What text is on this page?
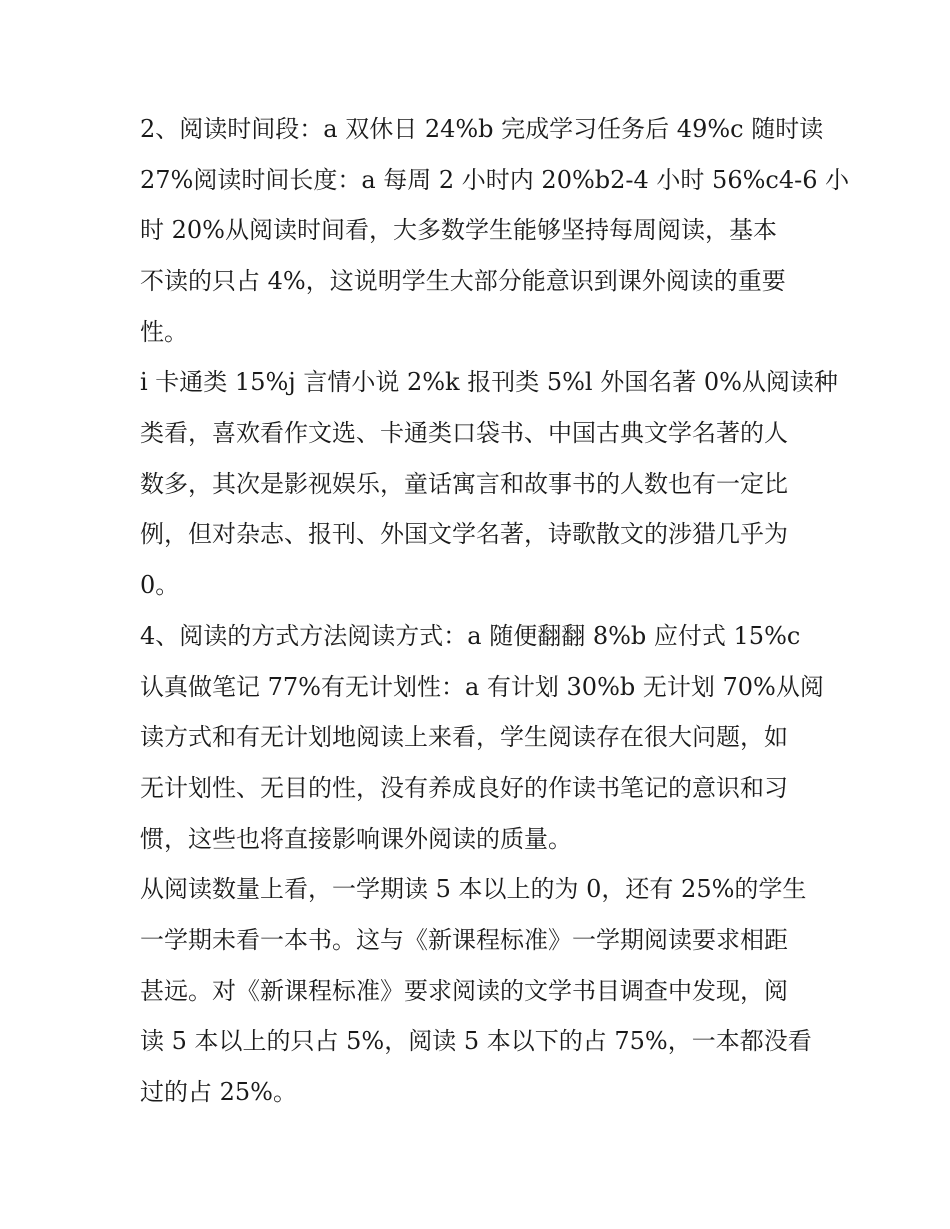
2、阅读时间段：a 双休日 24%b 完成学习任务后 49%c 随时读

27%阅读时间长度：a 每周 2 小时内 20%b2-4 小时 56%c4-6 小

时 20%从阅读时间看，大多数学生能够坚持每周阅读，基本

不读的只占 4%，这说明学生大部分能意识到课外阅读的重要

性。

i 卡通类 15%j 言情小说 2%k 报刊类 5%l 外国名著 0%从阅读种

类看，喜欢看作文选、卡通类口袋书、中国古典文学名著的人

数多，其次是影视娱乐，童话寓言和故事书的人数也有一定比

例，但对杂志、报刊、外国文学名著，诗歌散文的涉猎几乎为

0。

4、阅读的方式方法阅读方式：a 随便翻翻 8%b 应付式 15%c

认真做笔记 77%有无计划性：a 有计划 30%b 无计划 70%从阅

读方式和有无计划地阅读上来看，学生阅读存在很大问题，如

无计划性、无目的性，没有养成良好的作读书笔记的意识和习

惯，这些也将直接影响课外阅读的质量。

从阅读数量上看，一学期读 5 本以上的为 0，还有 25%的学生

一学期未看一本书。这与《新课程标准》一学期阅读要求相距

甚远。对《新课程标准》要求阅读的文学书目调查中发现，阅

读 5 本以上的只占 5%，阅读 5 本以下的占 75%，一本都没看

过的占 25%。
